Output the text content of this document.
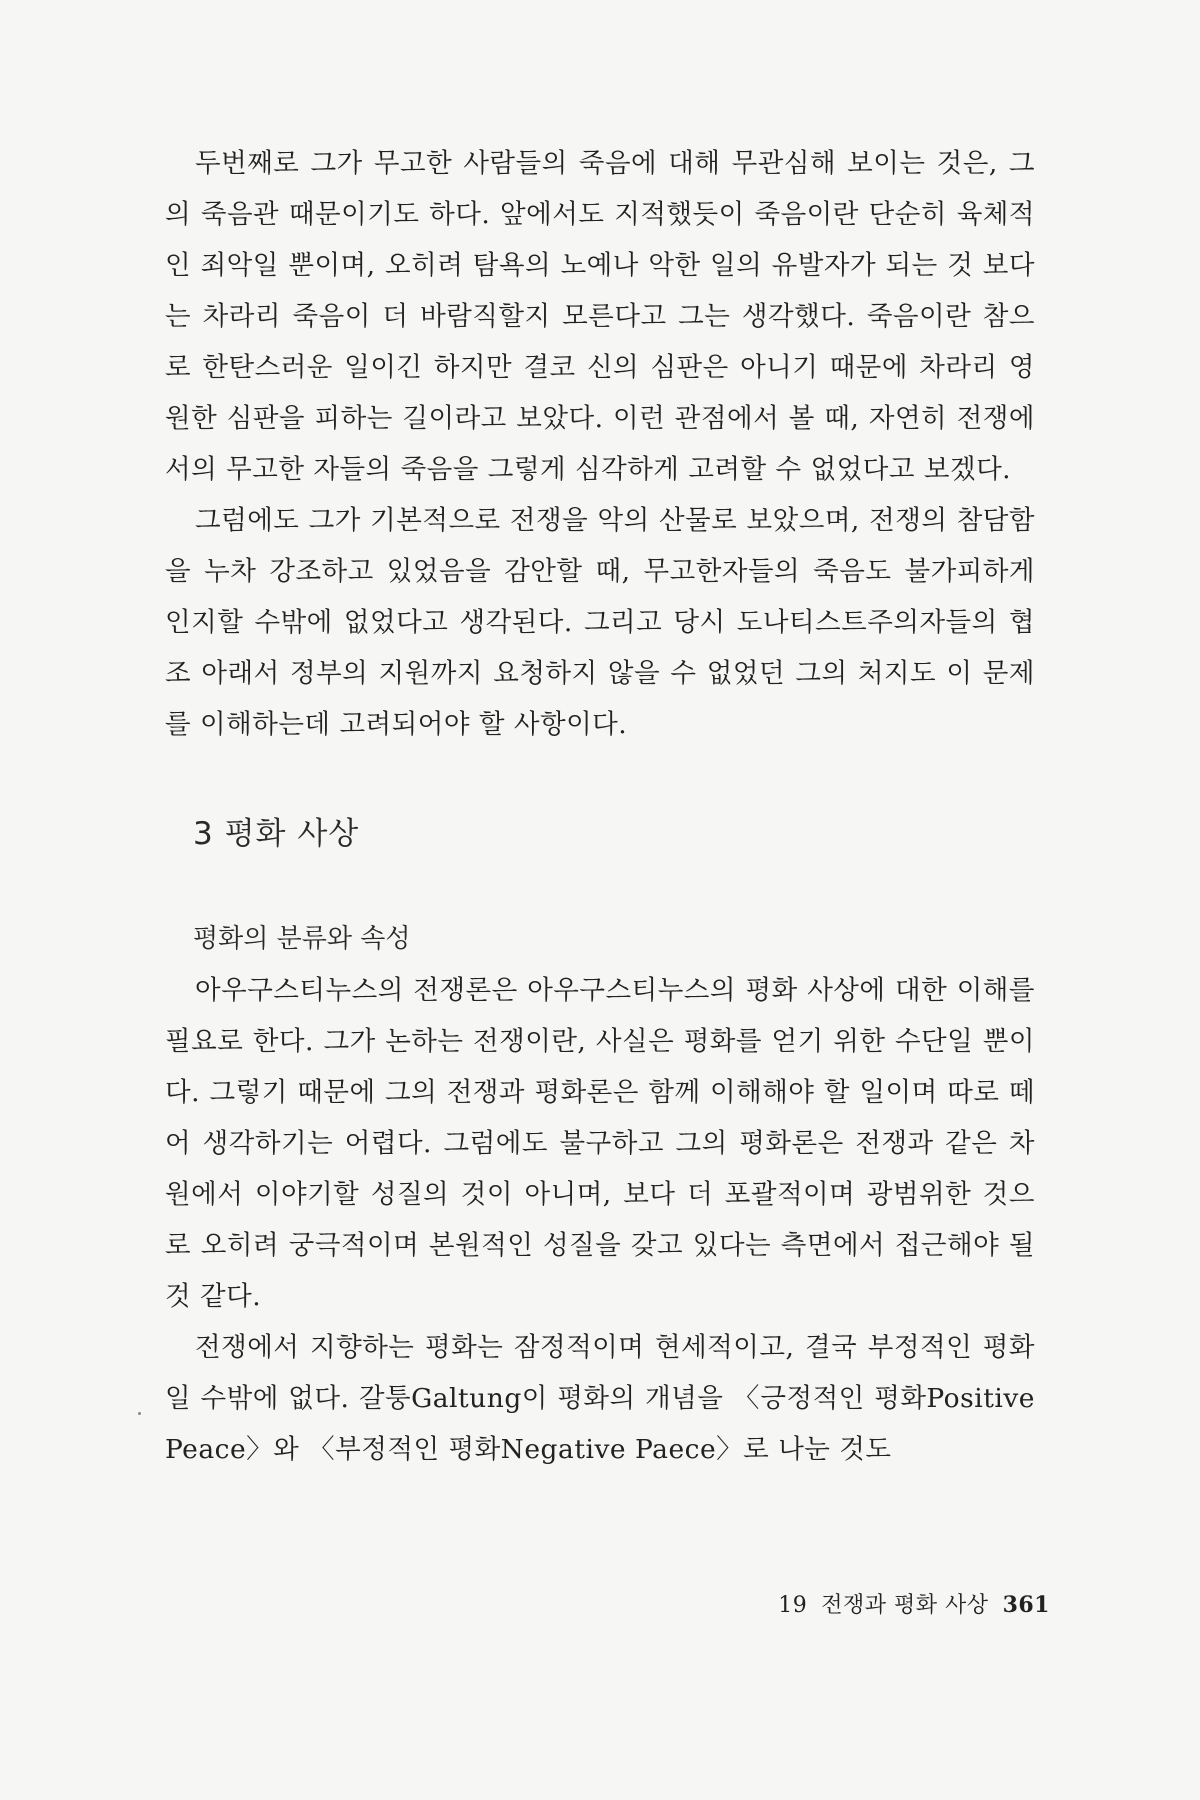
두번째로 그가 무고한 사람들의 죽음에 대해 무관심해 보이는 것은, 그의 죽음관 때문이기도 하다. 앞에서도 지적했듯이 죽음이란 단순히 육체적인 죄악일 뿐이며, 오히려 탐욕의 노예나 악한 일의 유발자가 되는 것 보다는 차라리 죽음이 더 바람직할지 모른다고 그는 생각했다. 죽음이란 참으로 한탄스러운 일이긴 하지만 결코 신의 심판은 아니기 때문에 차라리 영원한 심판을 피하는 길이라고 보았다. 이런 관점에서 볼 때, 자연히 전쟁에서의 무고한 자들의 죽음을 그렇게 심각하게 고려할 수 없었다고 보겠다.

그럼에도 그가 기본적으로 전쟁을 악의 산물로 보았으며, 전쟁의 참담함을 누차 강조하고 있었음을 감안할 때, 무고한자들의 죽음도 불가피하게 인지할 수밖에 없었다고 생각된다. 그리고 당시 도나티스트주의자들의 협조 아래서 정부의 지원까지 요청하지 않을 수 없었던 그의 처지도 이 문제를 이해하는데 고려되어야 할 사항이다.

3 평화 사상
평화의 분류와 속성

아우구스티누스의 전쟁론은 아우구스티누스의 평화 사상에 대한 이해를 필요로 한다. 그가 논하는 전쟁이란, 사실은 평화를 얻기 위한 수단일 뿐이다. 그렇기 때문에 그의 전쟁과 평화론은 함께 이해해야 할 일이며 따로 떼어 생각하기는 어렵다. 그럼에도 불구하고 그의 평화론은 전쟁과 같은 차원에서 이야기할 성질의 것이 아니며, 보다 더 포괄적이며 광범위한 것으로 오히려 궁극적이며 본원적인 성질을 갖고 있다는 측면에서 접근해야 될 것 같다.

전쟁에서 지향하는 평화는 잠정적이며 현세적이고, 결국 부정적인 평화일 수밖에 없다. 갈퉁Galtung이 평화의 개념을 〈긍정적인 평화Positive Peace〉와 〈부정적인 평화Negative Paece〉로 나눈 것도

19 전쟁과 평화 사상 361
